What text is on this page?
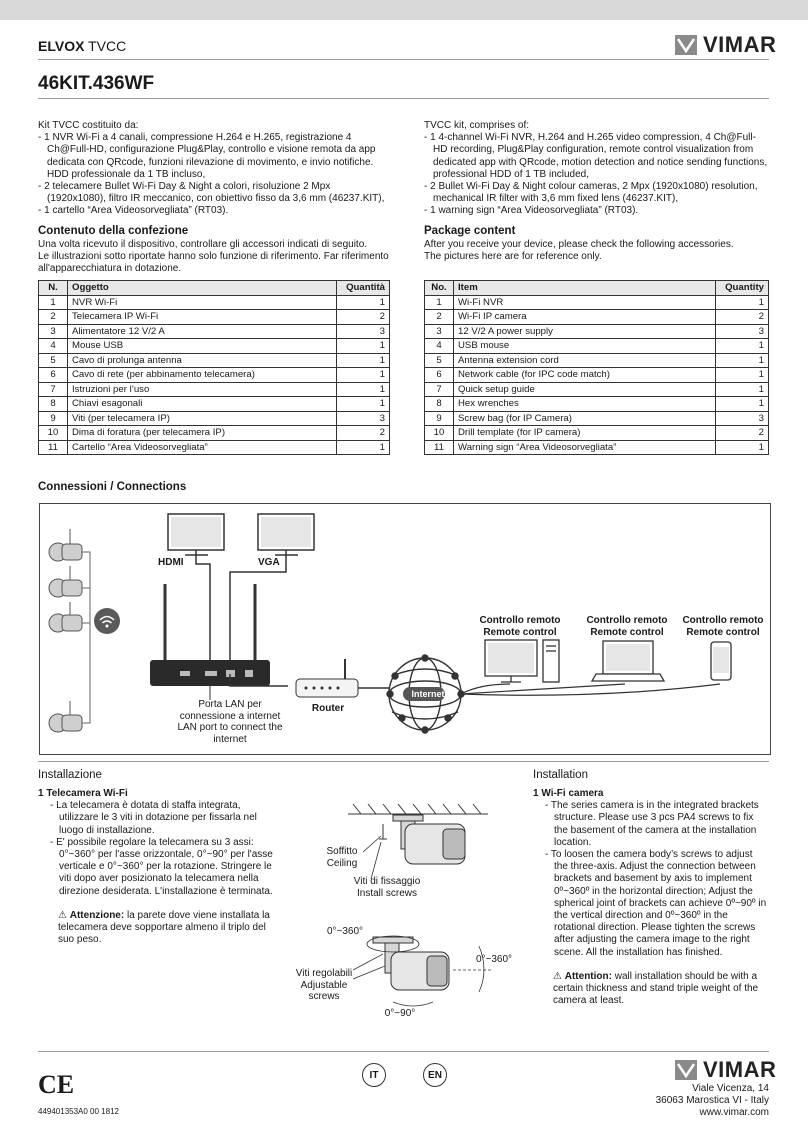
ELVOX TVCC	VIMAR
46KIT.436WF

Kit TVCC costituito da:

- 1 NVR Wi-Fi a 4 canali, compressione H.264 e H.265, registrazione 4 Ch@Full-HD, configurazione Plug&Play, controllo e visione remota da app dedicata con QRcode, funzioni rilevazione di movimento, e invio notifiche. HDD professionale da 1 TB incluso,

- 2 telecamere Bullet Wi-Fi Day & Night a colori, risoluzione 2 Mpx (1920x1080), filtro IR meccanico, con obiettivo fisso da 3,6 mm (46237.KIT),

- 1 cartello “Area Videosorvegliata” (RT03).

TVCC kit, comprises of:

- 1 4-channel Wi-Fi NVR, H.264 and H.265 video compression, 4 Ch@Full-HD recording, Plug&Play configuration, remote control visualization from dedicated app with QRcode, motion detection and notice sending functions, professional HDD of 1 TB included,

- 2 Bullet Wi-Fi Day & Night colour cameras, 2 Mpx (1920x1080) resolution, mechanical IR filter with 3,6 mm fixed lens (46237.KIT),

- 1 warning sign “Area Videosorvegliata” (RT03).

Contenuto della confezione

Una volta ricevuto il dispositivo, controllare gli accessori indicati di seguito.

Le illustrazioni sotto riportate hanno solo funzione di riferimento. Far riferimento all'apparecchiatura in dotazione.

N.	Oggetto	Quantità
1	NVR Wi-Fi	1
2	Telecamera IP Wi-Fi	2
3	Alimentatore 12 V/2 A	3
4	Mouse USB	1
5	Cavo di prolunga antenna	1
6	Cavo di rete (per abbinamento telecamera)	1
7	Istruzioni per l’uso	1
8	Chiavi esagonali	1
9	Viti (per telecamera IP)	3
10	Dima di foratura (per telecamera IP)	2
11	Cartello “Area Videosorvegliata”	1
Package content

After you receive your device, please check the following accessories.

The pictures here are for reference only.

No.	Item	Quantity
1	Wi-Fi NVR	1
2	Wi-Fi IP camera	2
3	12 V/2 A power supply	3
4	USB mouse	1
5	Antenna extension cord	1
6	Network cable (for IPC code match)	1
7	Quick setup guide	1
8	Hex wrenches	1
9	Screw bag (for IP Camera)	3
10	Drill template (for IP camera)	2
11	Warning sign “Area Videosorvegliata”	1
Connessioni / Connections
HDMI	VGA
Internet
Router
Porta LAN per connessione a internet
LAN port to connect the internet
Controllo remoto
Remote control
Controllo remoto
Remote control
Controllo remoto
Remote control
Installazione

1 Telecamera Wi-Fi

- La telecamera è dotata di staffa integrata, utilizzare le 3 viti in dotazione per fissarla nel luogo di installazione.

- E' possibile regolare la telecamera su 3 assi: 0°~360° per l'asse orizzontale, 0°~90° per l'asse verticale e 0°~360° per la rotazione. Stringere le viti dopo aver posizionato la telecamera nella direzione desiderata. L'installazione è terminata.

⚠ Attenzione: la parete dove viene installata la telecamera deve sopportare almeno il triplo del suo peso.

Soffitto
Ceiling
Viti di fissaggio
Install screws
0°~360°
0°~360°
0°~90°
Viti regolabili
Adjustable
screws
Installation

1 Wi-Fi camera

- The series camera is in the integrated brackets structure. Please use 3 pcs PA4 screws to fix the basement of the camera at the installation location.

- To loosen the camera body’s screws to adjust the three-axis. Adjust the connection between brackets and basement by axis to implement 0º~360º in the horizontal direction; Adjust the spherical joint of brackets can achieve 0º~90º in the vertical direction and 0º~360º in the rotational direction. Please tighten the screws after adjusting the camera image to the right scene. All the installation has finished.

⚠ Attention: wall installation should be with a certain thickness and stand triple weight of the camera at least.

CE
449401353A0 00 1812
IT	EN	VIMAR
Viale Vicenza, 14
36063 Marostica VI - Italy
www.vimar.com
